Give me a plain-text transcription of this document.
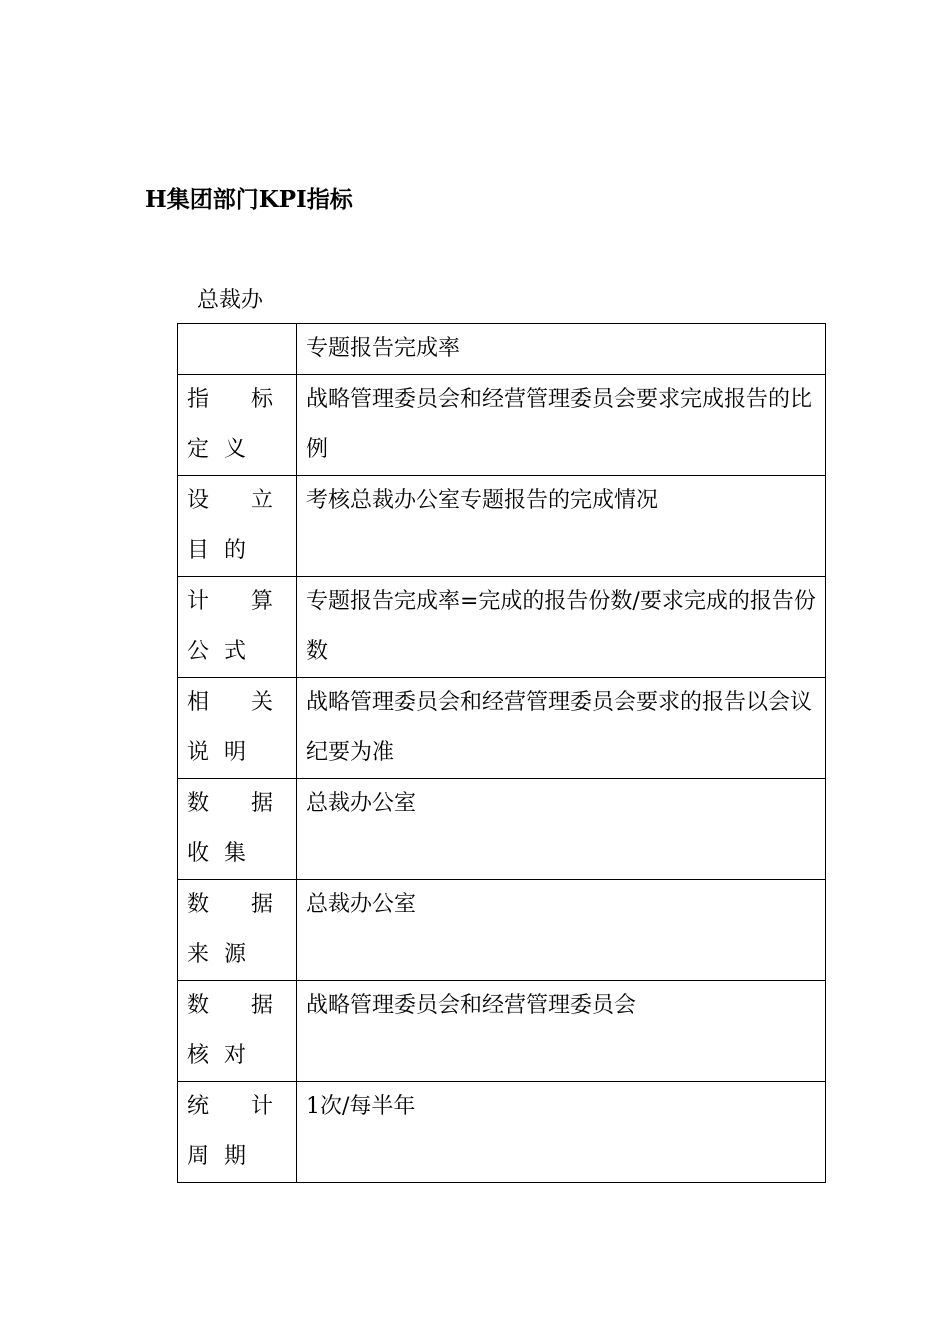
H集团部门KPI指标
总裁办
	专题报告完成率
指标定义	战略管理委员会和经营管理委员会要求完成报告的比例
设立目的	考核总裁办公室专题报告的完成情况
计算公式	专题报告完成率=完成的报告份数/要求完成的报告份数
相关说明	战略管理委员会和经营管理委员会要求的报告以会议纪要为准
数据收集	总裁办公室
数据来源	总裁办公室
数据核对	战略管理委员会和经营管理委员会
统计周期	1次/每半年
